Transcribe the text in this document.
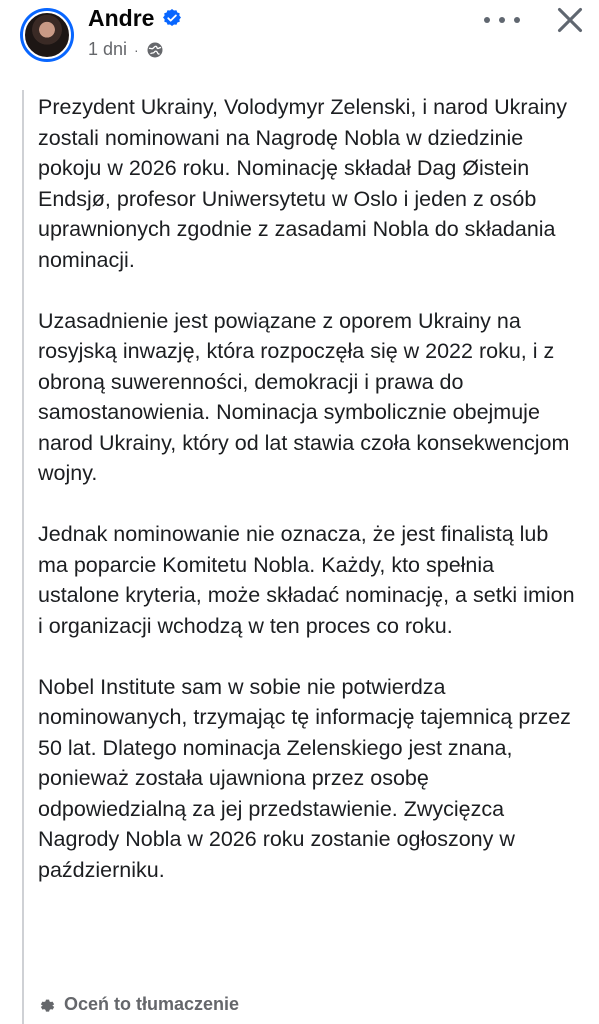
Andre
1 dni ·

Prezydent Ukrainy, Volodymyr Zelenski, i narod Ukrainy zostali nominowani na Nagrodę Nobla w dziedzinie pokoju w 2026 roku. Nominację składał Dag Øistein Endsjø, profesor Uniwersytetu w Oslo i jeden z osób uprawnionych zgodnie z zasadami Nobla do składania nominacji.

Uzasadnienie jest powiązane z oporem Ukrainy na rosyjską inwazję, która rozpoczęła się w 2022 roku, i z obroną suwerenności, demokracji i prawa do samostanowienia. Nominacja symbolicznie obejmuje narod Ukrainy, który od lat stawia czoła konsekwencjom wojny.

Jednak nominowanie nie oznacza, że jest finalistą lub ma poparcie Komitetu Nobla. Każdy, kto spełnia ustalone kryteria, może składać nominację, a setki imion i organizacji wchodzą w ten proces co roku.

Nobel Institute sam w sobie nie potwierdza nominowanych, trzymając tę informację tajemnicą przez 50 lat. Dlatego nominacja Zelenskiego jest znana, ponieważ została ujawniona przez osobę odpowiedzialną za jej przedstawienie. Zwycięzca Nagrody Nobla w 2026 roku zostanie ogłoszony w październiku.

Oceń to tłumaczenie
